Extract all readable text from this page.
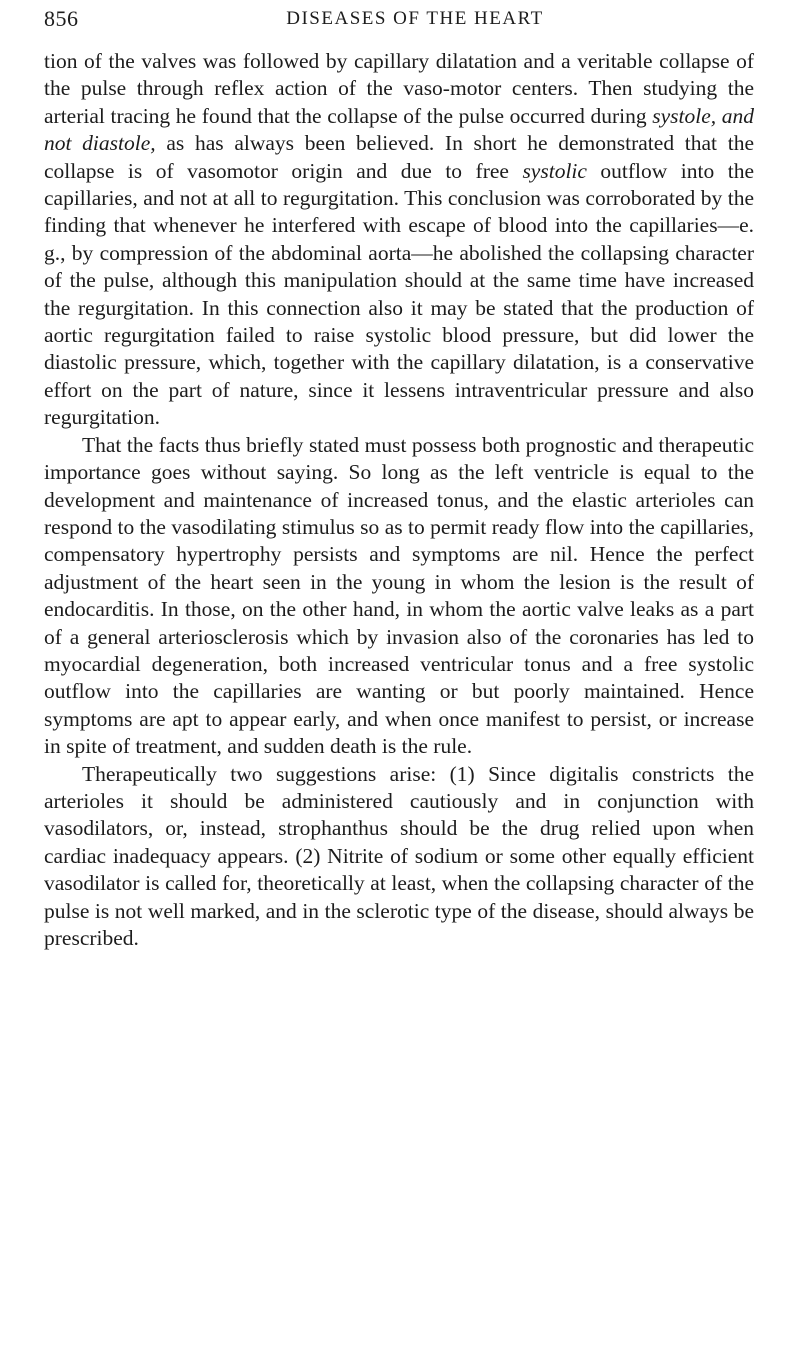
856	DISEASES OF THE HEART

tion of the valves was followed by capillary dilatation and a veritable collapse of the pulse through reflex action of the vaso-motor centers. Then studying the arterial tracing he found that the collapse of the pulse occurred during systole, and not diastole, as has always been believed. In short he demonstrated that the collapse is of vasomotor origin and due to free systolic outflow into the capillaries, and not at all to regurgitation. This conclusion was corroborated by the finding that whenever he interfered with escape of blood into the capillaries—e. g., by compression of the abdominal aorta—he abolished the collapsing character of the pulse, although this manipulation should at the same time have increased the regurgitation. In this connection also it may be stated that the production of aortic regurgitation failed to raise systolic blood pressure, but did lower the diastolic pressure, which, together with the capillary dilatation, is a conservative effort on the part of nature, since it lessens intraventricular pressure and also regurgitation.

That the facts thus briefly stated must possess both prognostic and therapeutic importance goes without saying. So long as the left ventricle is equal to the development and maintenance of increased tonus, and the elastic arterioles can respond to the vasodilating stimulus so as to permit ready flow into the capillaries, compensatory hypertrophy persists and symptoms are nil. Hence the perfect adjustment of the heart seen in the young in whom the lesion is the result of endocarditis. In those, on the other hand, in whom the aortic valve leaks as a part of a general arteriosclerosis which by invasion also of the coronaries has led to myocardial degeneration, both increased ventricular tonus and a free systolic outflow into the capillaries are wanting or but poorly maintained. Hence symptoms are apt to appear early, and when once manifest to persist, or increase in spite of treatment, and sudden death is the rule.

Therapeutically two suggestions arise: (1) Since digitalis constricts the arterioles it should be administered cautiously and in conjunction with vasodilators, or, instead, strophanthus should be the drug relied upon when cardiac inadequacy appears. (2) Nitrite of sodium or some other equally efficient vasodilator is called for, theoretically at least, when the collapsing character of the pulse is not well marked, and in the sclerotic type of the disease, should always be prescribed.
